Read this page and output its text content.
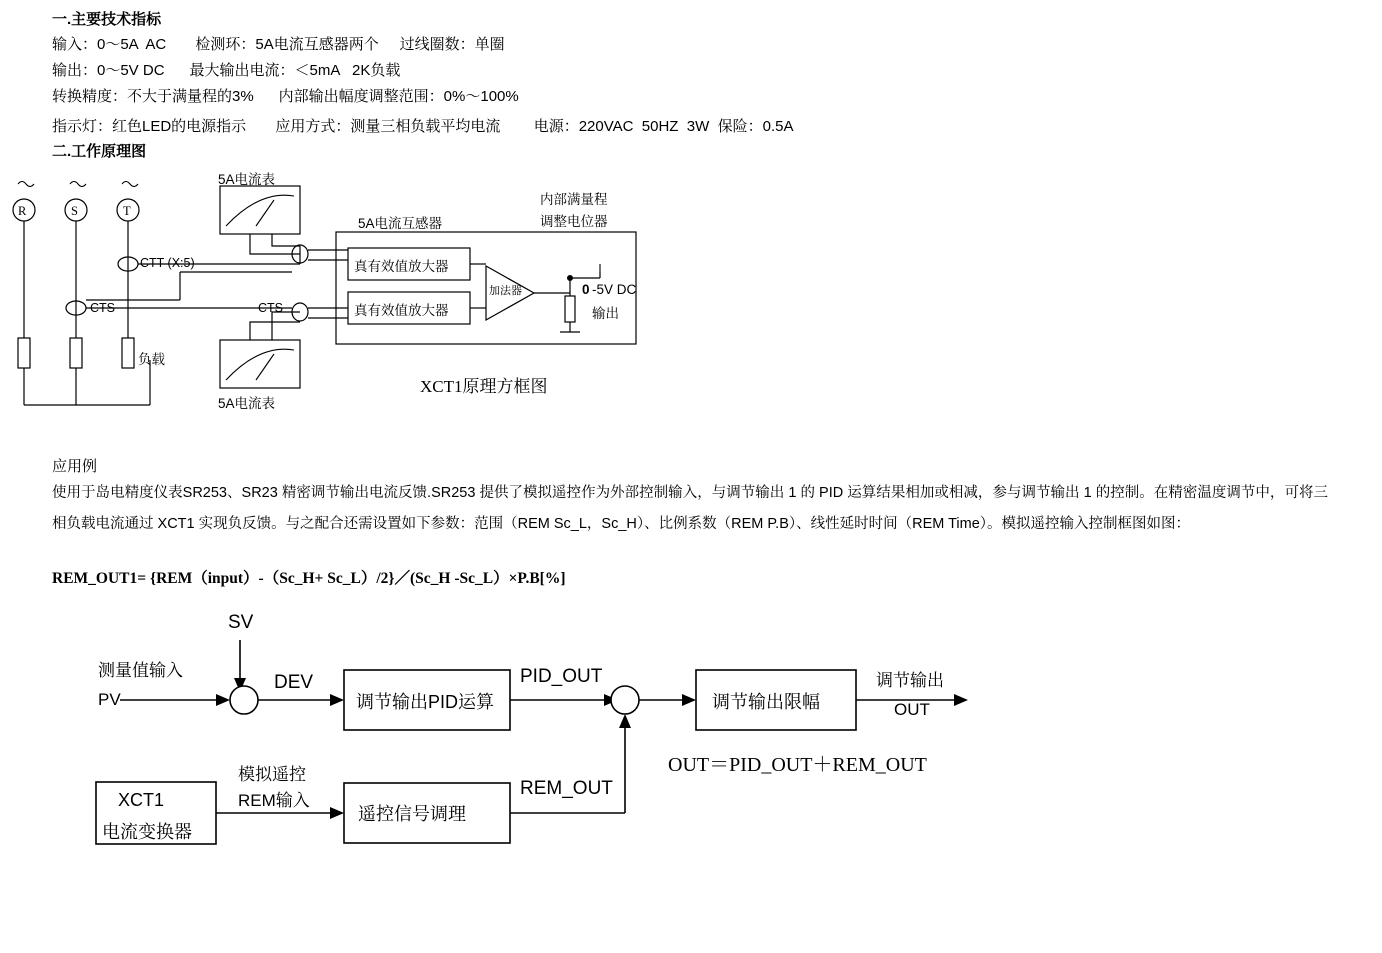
一.主要技术指标
输入：0～5A  AC       检测环：5A电流互感器两个     过线圈数：单圈
输出：0～5V DC      最大输出电流：＜5mA   2K负载
转换精度：不大于满量程的3%      内部输出幅度调整范围：0%～100%
指示灯：红色LED的电源指示       应用方式：测量三相负载平均电流        电源：220VAC  50HZ  3W  保险：0.5A
二.工作原理图
R	S	T
5A电流表
5A电流表
CTT (X:5)
CTS	CTS
负载
5A电流互感器
真有效值放大器
真有效值放大器
加法器
内部满量程
调整电位器
0 -5V DC
输出
XCT1原理方框图
应用例
使用于岛电精度仪表SR253、SR23 精密调节输出电流反馈.SR253 提供了模拟遥控作为外部控制输入，与调节输出 1 的 PID 运算结果相加或相减，参与调节输出 1 的控制。在精密温度调节中，可将三相负载电流通过 XCT1 实现负反馈。与之配合还需设置如下参数：范围（REM Sc_L，Sc_H）、比例系数（REM P.B）、线性延时时间（REM Time）。模拟遥控输入控制框图如图：
REM_OUT1= {REM（input）-（Sc_H+ Sc_L）/2}／(Sc_H -Sc_L）×P.B[%]
SV
测量值输入
PV
DEV
调节输出PID运算
PID_OUT
调节输出限幅
调节输出
OUT
OUT＝PID_OUT＋REM_OUT
XCT1
电流变换器
模拟遥控
REM输入
遥控信号调理
REM_OUT
